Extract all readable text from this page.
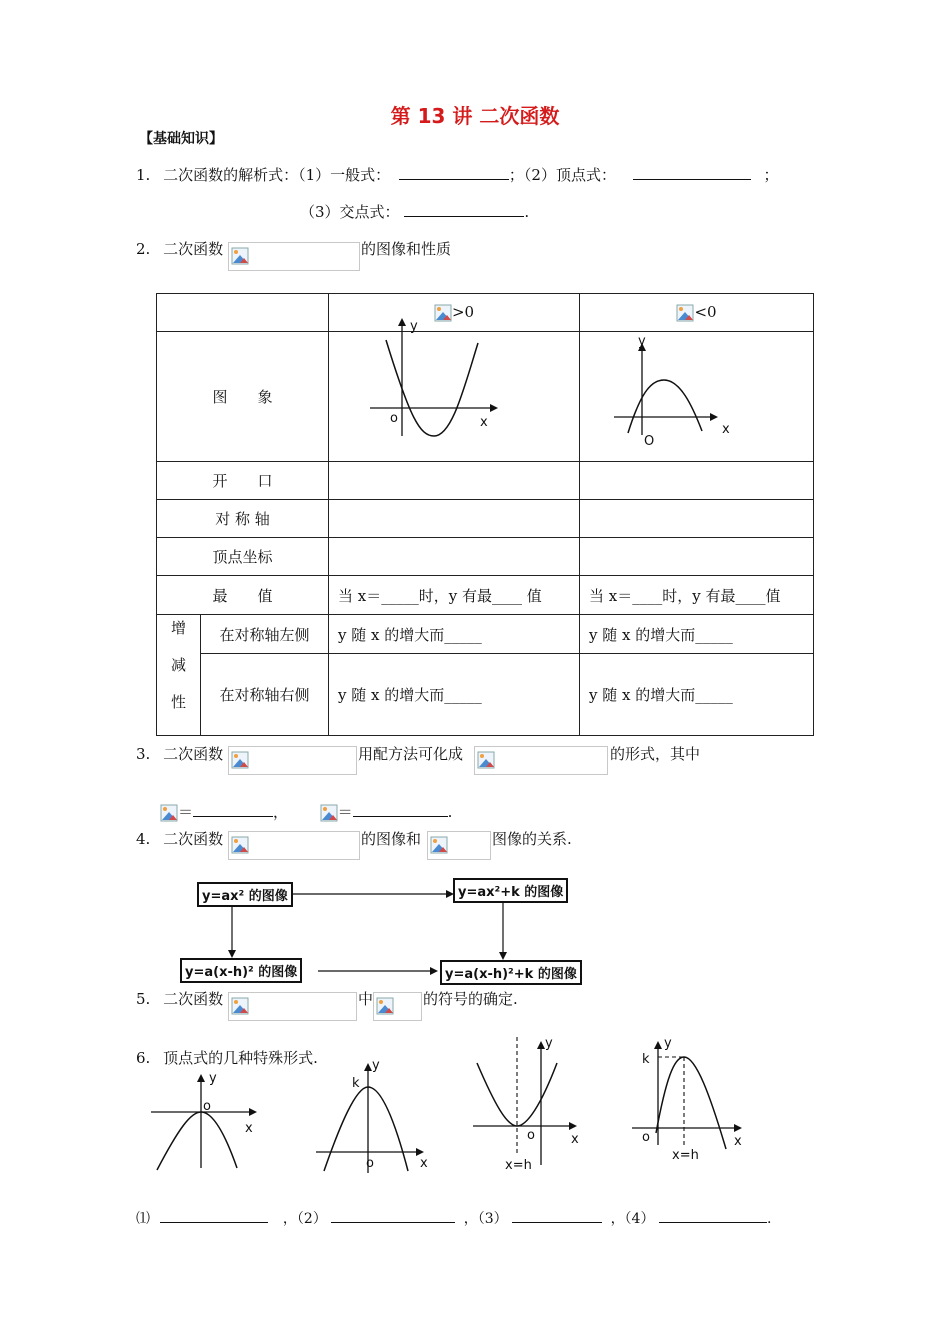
第 13 讲 二次函数
【基础知识】
1. 二次函数的解析式：（1）一般式：	；（2）顶点式：	；
（3）交点式：	.
2. 二次函数	的图像和性质
		>0	<0
图　　象			
开　　口			
对 称 轴			
顶点坐标			
最　　值		当 x＝_____时，y 有最____ 值	当 x＝____时，y 有最____值
增减性	在对称轴左侧	y 随 x 的增大而_____	y 随 x 的增大而_____
	在对称轴右侧	y 随 x 的增大而_____	y 随 x 的增大而_____
y
o	x
y
O
x
3. 二次函数	用配方法可化成	的形式，其中
＝	，	＝	.
4. 二次函数	的图像和	图像的关系.
y=ax² 的图像	y=ax²+k 的图像
y=a(x-h)² 的图像	y=a(x-h)²+k 的图像
5. 二次函数	中	的符号的确定.
6. 顶点式的几种特殊形式.
y
o
x
y
k
o	x
y
o	x
x=h
y
k
o	x
x=h
⑴	，（2）	，（3）	，（4）	.
